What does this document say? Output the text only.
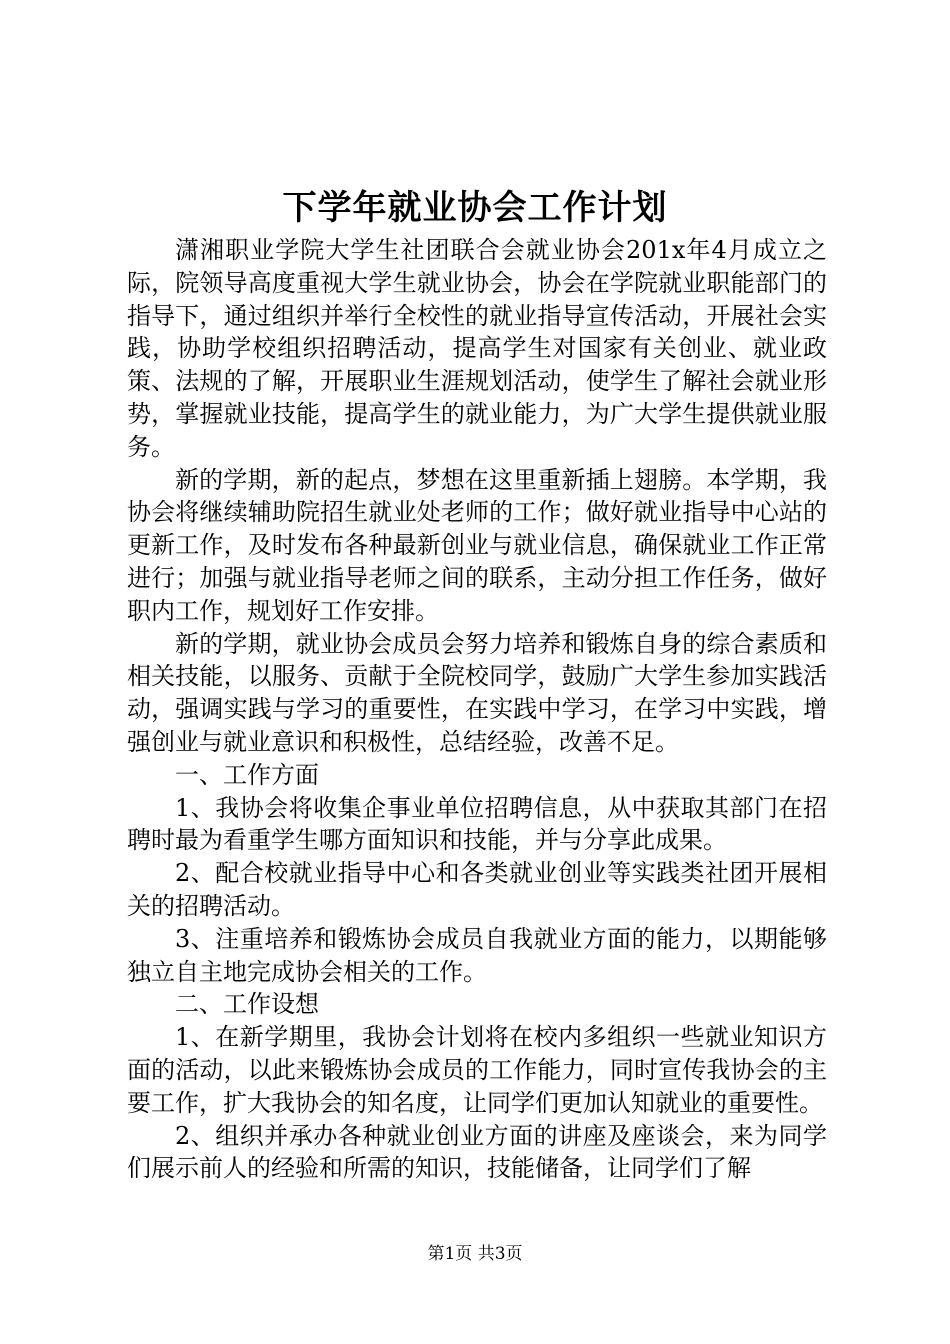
下学年就业协会工作计划

潇湘职业学院大学生社团联合会就业协会201x年4月成立之际，院领导高度重视大学生就业协会，协会在学院就业职能部门的指导下，通过组织并举行全校性的就业指导宣传活动，开展社会实践，协助学校组织招聘活动，提高学生对国家有关创业、就业政策、法规的了解，开展职业生涯规划活动，使学生了解社会就业形势，掌握就业技能，提高学生的就业能力，为广大学生提供就业服务。

新的学期，新的起点，梦想在这里重新插上翅膀。本学期，我协会将继续辅助院招生就业处老师的工作；做好就业指导中心站的更新工作，及时发布各种最新创业与就业信息，确保就业工作正常进行；加强与就业指导老师之间的联系，主动分担工作任务，做好职内工作，规划好工作安排。

新的学期，就业协会成员会努力培养和锻炼自身的综合素质和相关技能，以服务、贡献于全院校同学，鼓励广大学生参加实践活动，强调实践与学习的重要性，在实践中学习，在学习中实践，增强创业与就业意识和积极性，总结经验，改善不足。

一、工作方面

1、我协会将收集企事业单位招聘信息，从中获取其部门在招聘时最为看重学生哪方面知识和技能，并与分享此成果。

2、配合校就业指导中心和各类就业创业等实践类社团开展相关的招聘活动。

3、注重培养和锻炼协会成员自我就业方面的能力，以期能够独立自主地完成协会相关的工作。

二、工作设想

1、在新学期里，我协会计划将在校内多组织一些就业知识方面的活动，以此来锻炼协会成员的工作能力，同时宣传我协会的主要工作，扩大我协会的知名度，让同学们更加认知就业的重要性。

2、组织并承办各种就业创业方面的讲座及座谈会，来为同学们展示前人的经验和所需的知识，技能储备，让同学们了解

第1页 共3页
